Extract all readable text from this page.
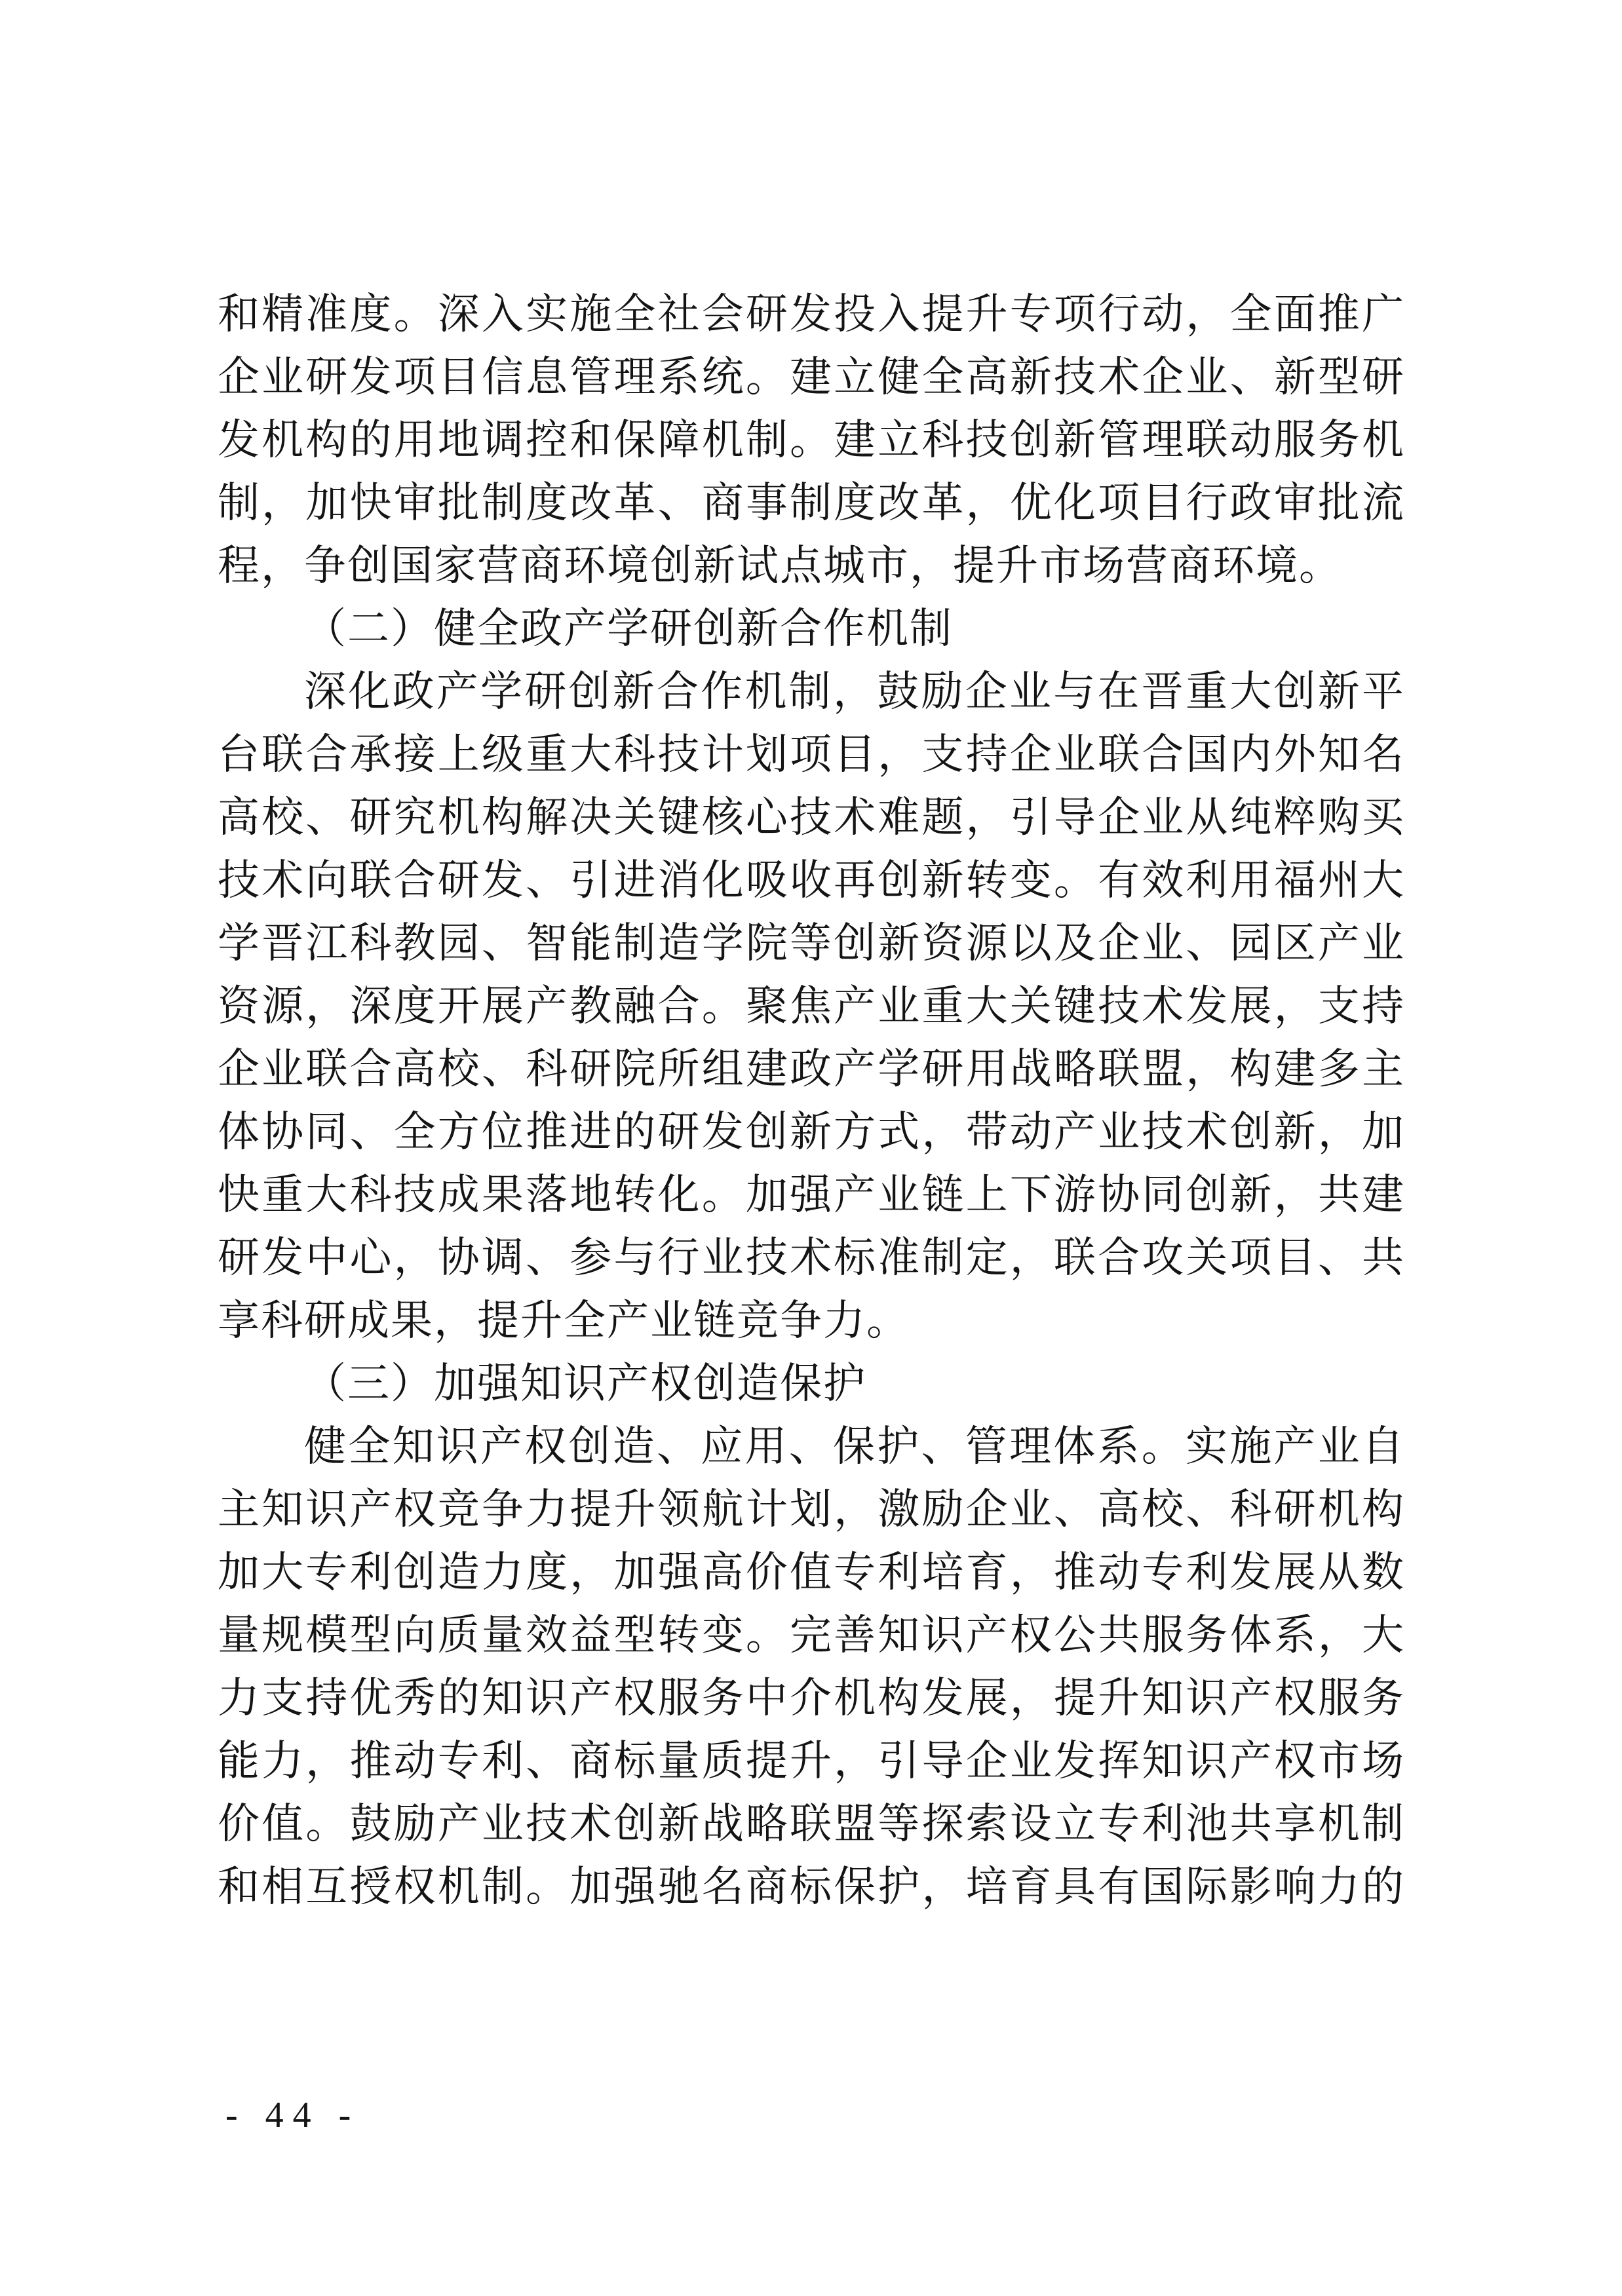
和精准度。深入实施全社会研发投入提升专项行动，全面推广
企业研发项目信息管理系统。建立健全高新技术企业、新型研
发机构的用地调控和保障机制。建立科技创新管理联动服务机
制，加快审批制度改革、商事制度改革，优化项目行政审批流
程，争创国家营商环境创新试点城市，提升市场营商环境。
（二）健全政产学研创新合作机制
深化政产学研创新合作机制，鼓励企业与在晋重大创新平
台联合承接上级重大科技计划项目，支持企业联合国内外知名
高校、研究机构解决关键核心技术难题，引导企业从纯粹购买
技术向联合研发、引进消化吸收再创新转变。有效利用福州大
学晋江科教园、智能制造学院等创新资源以及企业、园区产业
资源，深度开展产教融合。聚焦产业重大关键技术发展，支持
企业联合高校、科研院所组建政产学研用战略联盟，构建多主
体协同、全方位推进的研发创新方式，带动产业技术创新，加
快重大科技成果落地转化。加强产业链上下游协同创新，共建
研发中心，协调、参与行业技术标准制定，联合攻关项目、共
享科研成果，提升全产业链竞争力。
（三）加强知识产权创造保护
健全知识产权创造、应用、保护、管理体系。实施产业自
主知识产权竞争力提升领航计划，激励企业、高校、科研机构
加大专利创造力度，加强高价值专利培育，推动专利发展从数
量规模型向质量效益型转变。完善知识产权公共服务体系，大
力支持优秀的知识产权服务中介机构发展，提升知识产权服务
能力，推动专利、商标量质提升，引导企业发挥知识产权市场
价值。鼓励产业技术创新战略联盟等探索设立专利池共享机制
和相互授权机制。加强驰名商标保护，培育具有国际影响力的
- 44 -
